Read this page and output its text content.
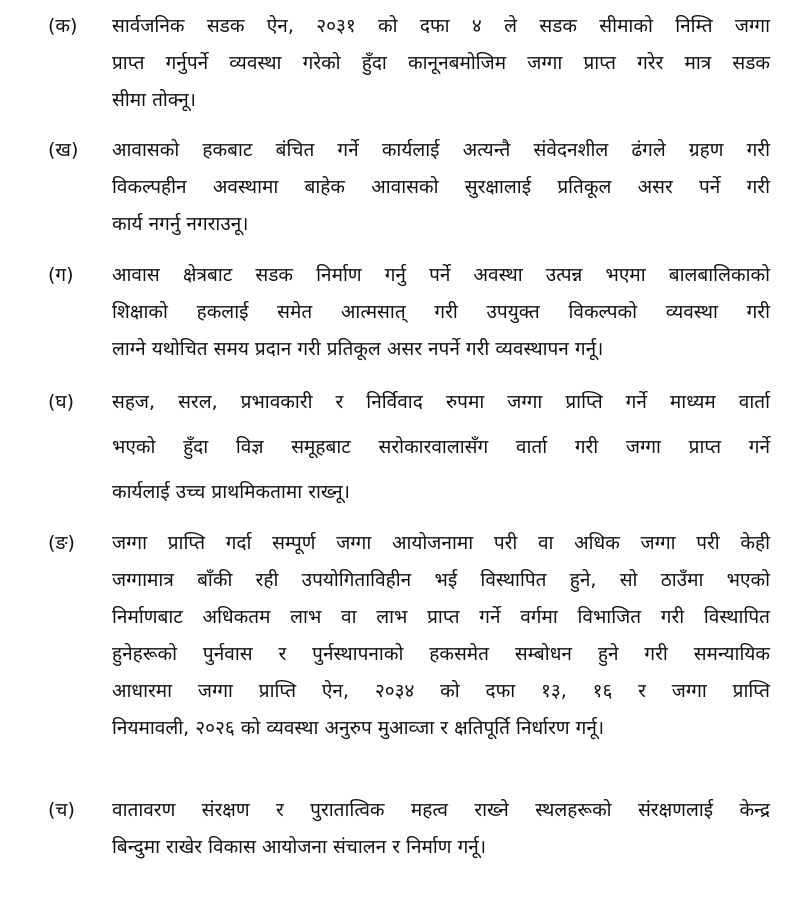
(क) सार्वजनिक सडक ऐन, २०३१ को दफा ४ ले सडक सीमाको निम्ति जग्गा
प्राप्त गर्नुपर्ने व्यवस्था गरेको हुँदा कानूनबमोजिम जग्गा प्राप्त गरेर मात्र सडक
सीमा तोक्नू।
(ख) आवासको हकबाट बंचित गर्ने कार्यलाई अत्यन्तै संवेदनशील ढंगले ग्रहण गरी
विकल्पहीन अवस्थामा बाहेक आवासको सुरक्षालाई प्रतिकूल असर पर्ने गरी
कार्य नगर्नु नगराउनू।
(ग) आवास क्षेत्रबाट सडक निर्माण गर्नु पर्ने अवस्था उत्पन्न भएमा बालबालिकाको
शिक्षाको हकलाई समेत आत्मसात् गरी उपयुक्त विकल्पको व्यवस्था गरी
लाग्ने यथोचित समय प्रदान गरी प्रतिकूल असर नपर्ने गरी व्यवस्थापन गर्नू।
(घ) सहज, सरल, प्रभावकारी र निर्विवाद रुपमा जग्गा प्राप्ति गर्ने माध्यम वार्ता
भएको हुँदा विज्ञ समूहबाट सरोकारवालासँग वार्ता गरी जग्गा प्राप्त गर्ने
कार्यलाई उच्च प्राथमिकतामा राख्नू।
(ङ) जग्गा प्राप्ति गर्दा सम्पूर्ण जग्गा आयोजनामा परी वा अधिक जग्गा परी केही
जग्गामात्र बाँकी रही उपयोगिताविहीन भई विस्थापित हुने, सो ठाउँमा भएको
निर्माणबाट अधिकतम लाभ वा लाभ प्राप्त गर्ने वर्गमा विभाजित गरी विस्थापित
हुनेहरूको पुर्नवास र पुर्नस्थापनाको हकसमेत सम्बोधन हुने गरी समन्यायिक
आधारमा जग्गा प्राप्ति ऐन, २०३४ को दफा १३, १६ र जग्गा प्राप्ति
नियमावली, २०२६ को व्यवस्था अनुरुप मुआव्जा र क्षतिपूर्ति निर्धारण गर्नू।
(च) वातावरण संरक्षण र पुरातात्विक महत्व राख्ने स्थलहरूको संरक्षणलाई केन्द्र
बिन्दुमा राखेर विकास आयोजना संचालन र निर्माण गर्नू।
